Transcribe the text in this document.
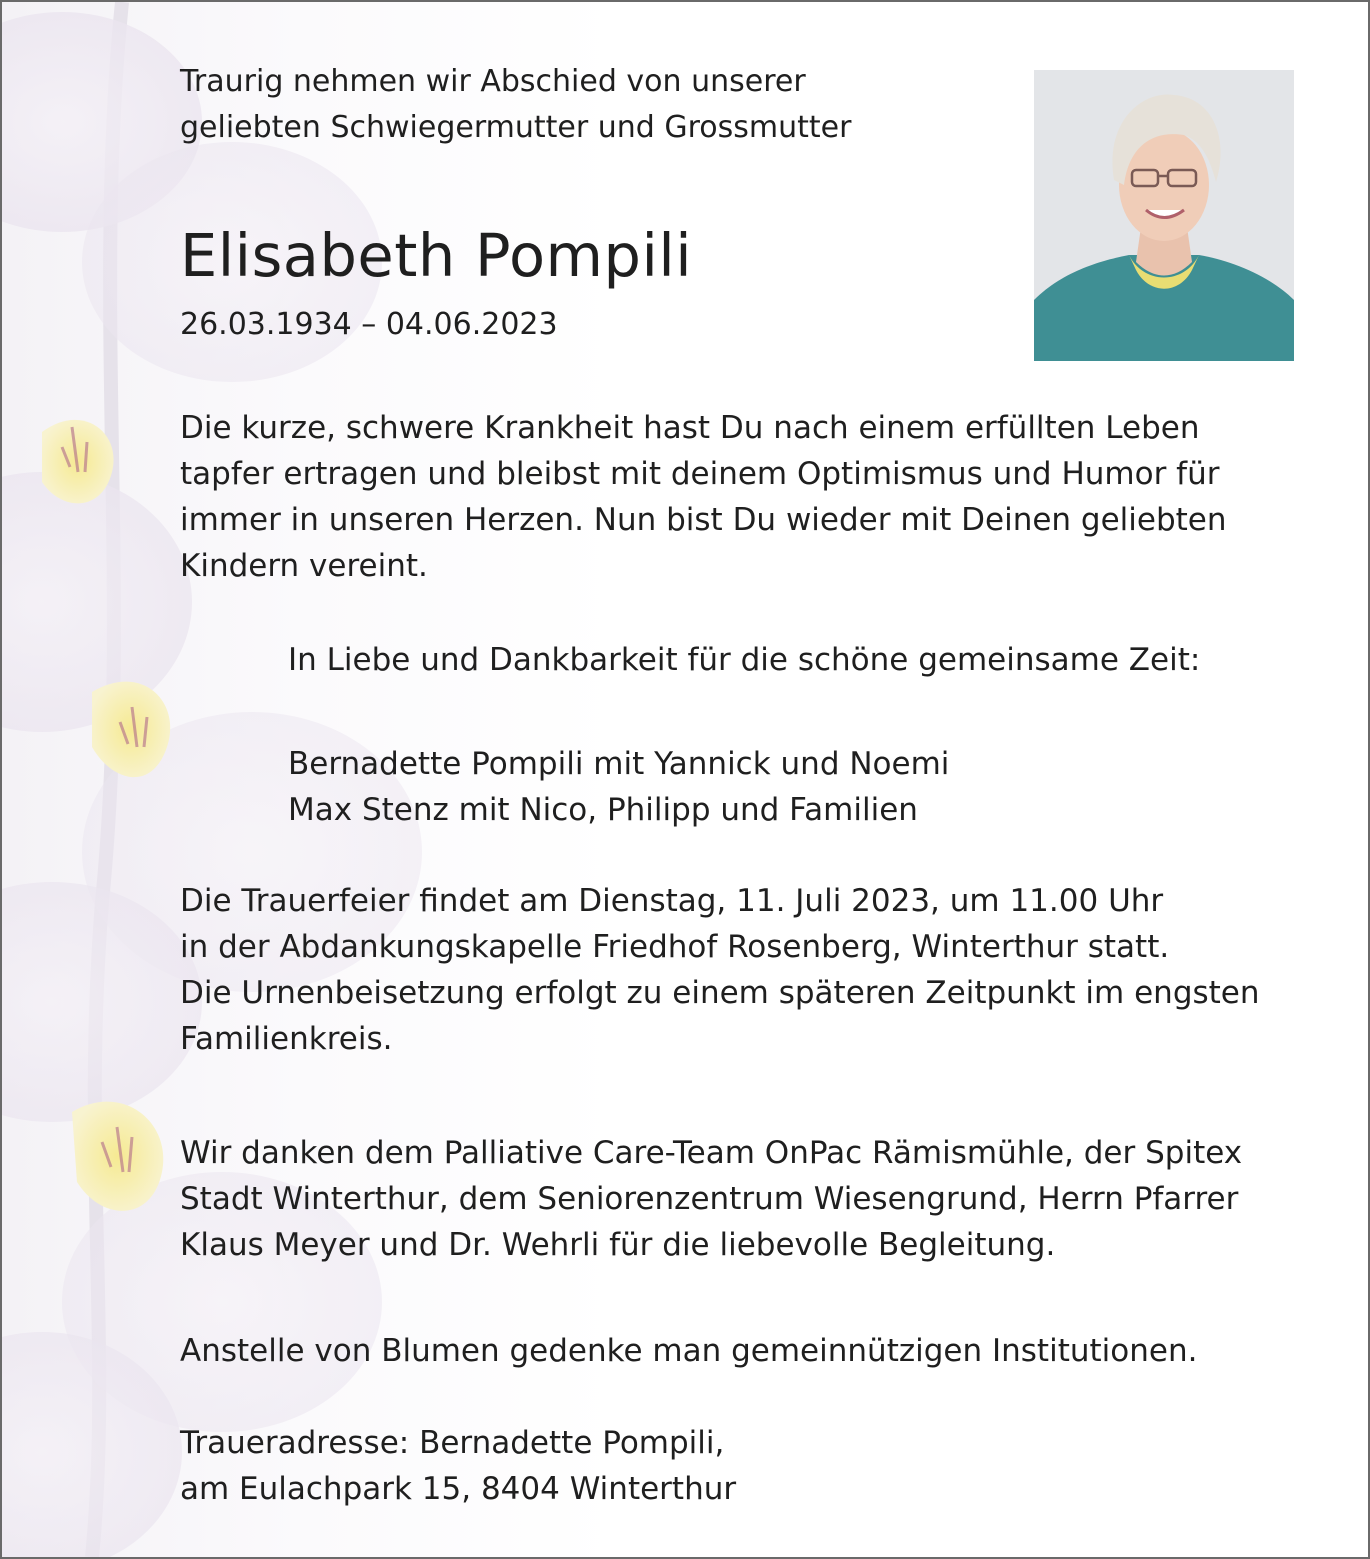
Traurig nehmen wir Abschied von unserer
geliebten Schwiegermutter und Grossmutter

Elisabeth Pompili

26.03.1934 – 04.06.2023

Die kurze, schwere Krankheit hast Du nach einem erfüllten Leben
tapfer ertragen und bleibst mit deinem Optimismus und Humor für
immer in unseren Herzen. Nun bist Du wieder mit Deinen geliebten
Kindern vereint.

In Liebe und Dankbarkeit für die schöne gemeinsame Zeit:

Bernadette Pompili mit Yannick und Noemi
Max Stenz mit Nico, Philipp und Familien

Die Trauerfeier findet am Dienstag, 11. Juli 2023, um 11.00 Uhr
in der Abdankungskapelle Friedhof Rosenberg, Winterthur statt.
Die Urnenbeisetzung erfolgt zu einem späteren Zeitpunkt im engsten
Familienkreis.

Wir danken dem Palliative Care-Team OnPac Rämismühle, der Spitex
Stadt Winterthur, dem Seniorenzentrum Wiesengrund, Herrn Pfarrer
Klaus Meyer und Dr. Wehrli für die liebevolle Begleitung.

Anstelle von Blumen gedenke man gemeinnützigen Institutionen.

Traueradresse: Bernadette Pompili,
am Eulachpark 15, 8404 Winterthur
